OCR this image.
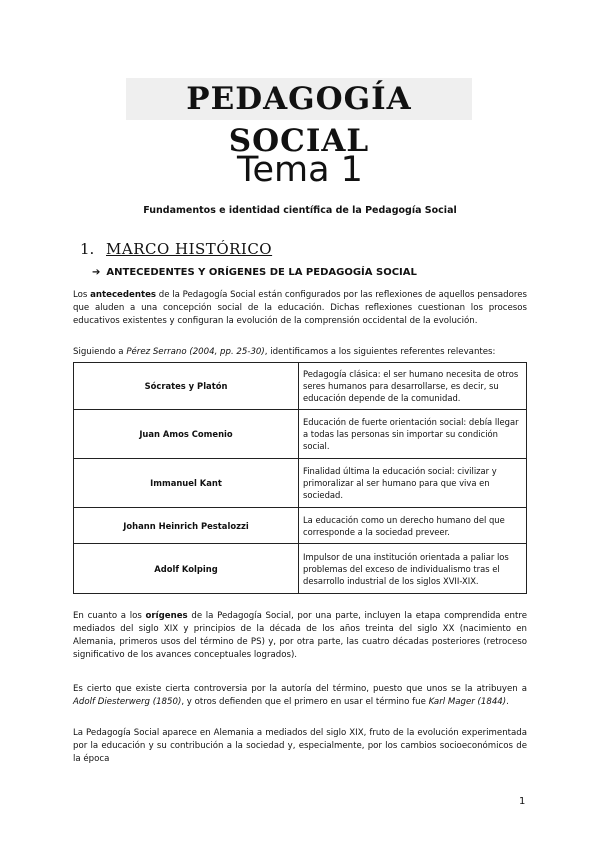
PEDAGOGÍA SOCIAL
Tema 1
Fundamentos e identidad científica de la Pedagogía Social
1. MARCO HISTÓRICO
➔ ANTECEDENTES Y ORÍGENES DE LA PEDAGOGÍA SOCIAL

Los antecedentes de la Pedagogía Social están configurados por las reflexiones de aquellos pensadores que aluden a una concepción social de la educación. Dichas reflexiones cuestionan los procesos educativos existentes y configuran la evolución de la comprensión occidental de la evolución.

Siguiendo a Pérez Serrano (2004, pp. 25-30), identificamos a los siguientes referentes relevantes:

Sócrates y Platón	Pedagogía clásica: el ser humano necesita de otros seres humanos para desarrollarse, es decir, su educación depende de la comunidad.
Juan Amos Comenio	Educación de fuerte orientación social: debía llegar a todas las personas sin importar su condición social.
Immanuel Kant	Finalidad última la educación social: civilizar y primoralizar al ser humano para que viva en sociedad.
Johann Heinrich Pestalozzi	La educación como un derecho humano del que corresponde a la sociedad preveer.
Adolf Kolping	Impulsor de una institución orientada a paliar los problemas del exceso de individualismo tras el desarrollo industrial de los siglos XVII-XIX.

En cuanto a los orígenes de la Pedagogía Social, por una parte, incluyen la etapa comprendida entre mediados del siglo XIX y principios de la década de los años treinta del siglo XX (nacimiento en Alemania, primeros usos del término de PS) y, por otra parte, las cuatro décadas posteriores (retroceso significativo de los avances conceptuales logrados).

Es cierto que existe cierta controversia por la autoría del término, puesto que unos se la atribuyen a Adolf Diesterwerg (1850), y otros defienden que el primero en usar el término fue Karl Mager (1844).

La Pedagogía Social aparece en Alemania a mediados del siglo XIX, fruto de la evolución experimentada por la educación y su contribución a la sociedad y, especialmente, por los cambios socioeconómicos de la época

1
